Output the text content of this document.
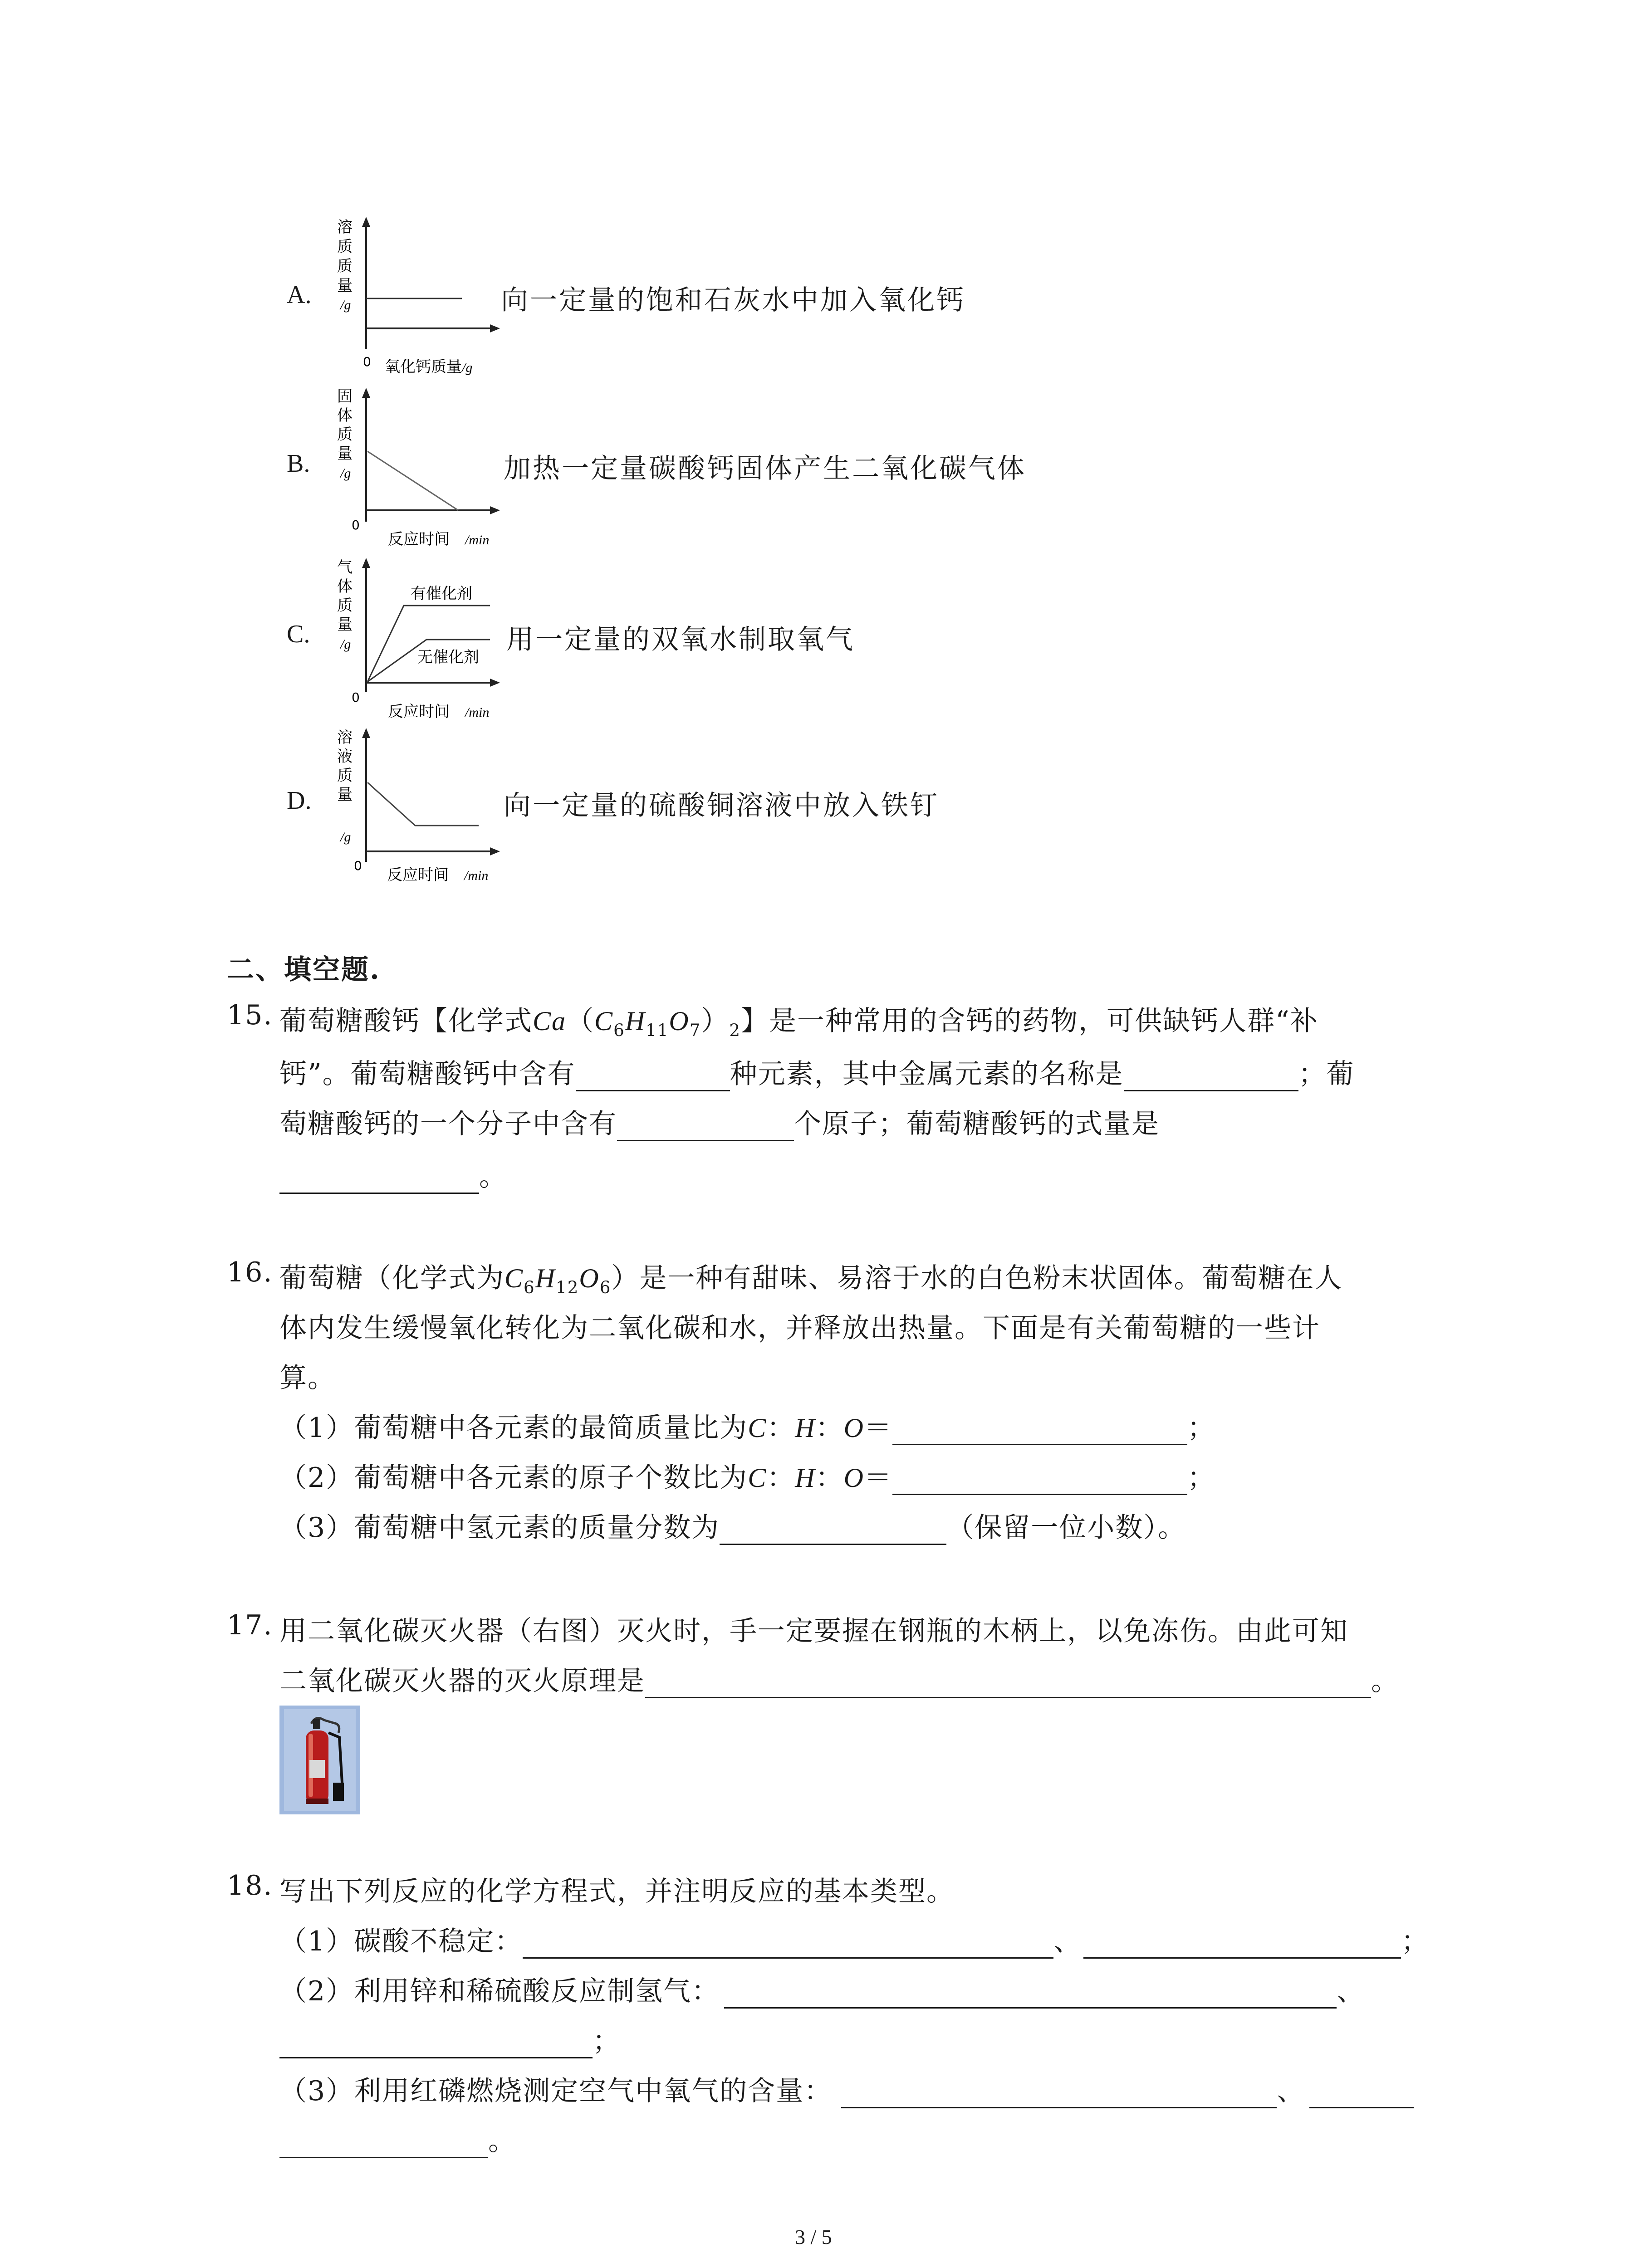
A.
溶
质
质
量
/g
0 氧化钙质量 /g
向一定量的饱和石灰水中加入氧化钙
B.
固
体
质
量
/g
0
反应时间 /min
加热一定量碳酸钙固体产生二氧化碳气体
C.
有催化剂
无催化剂
气
体
质
量
/g
0
反应时间 /min
用一定量的双氧水制取氧气
D.
溶
液
质
量
/g
0
反应时间 /min
向一定量的硫酸铜溶液中放入铁钉
二、填空题.
15. 葡萄糖酸钙【化学式$Ca(C_6H_{11}O_7)_2$】是一种常用的含钙的药物，可供缺钙人群“补
钙”。葡萄糖酸钙中含有	种元素，其中金属元素的名称是	；葡
萄糖酸钙的一个分子中含有	个原子；葡萄糖酸钙的式量是
。
16. 葡萄糖（化学式为$C_6H_{12}O_6$）是一种有甜味、易溶于水的白色粉末状固体。葡萄糖在人
体内发生缓慢氧化转化为二氧化碳和水，并释放出热量。下面是有关葡萄糖的一些计
算。
（1）葡萄糖中各元素的最简质量比为C：H：O＝	；
（2）葡萄糖中各元素的原子个数比为C：H：O＝	；
（3）葡萄糖中氢元素的质量分数为	（保留一位小数）。
17. 用二氧化碳灭火器（右图）灭火时，手一定要握在钢瓶的木柄上，以免冻伤。由此可知
二氧化碳灭火器的灭火原理是	。
18. 写出下列反应的化学方程式，并注明反应的基本类型。
（1）碳酸不稳定：	、	；
（2）利用锌和稀硫酸反应制氢气：	、
；
（3）利用红磷燃烧测定空气中氧气的含量：	、
。
3 / 5
